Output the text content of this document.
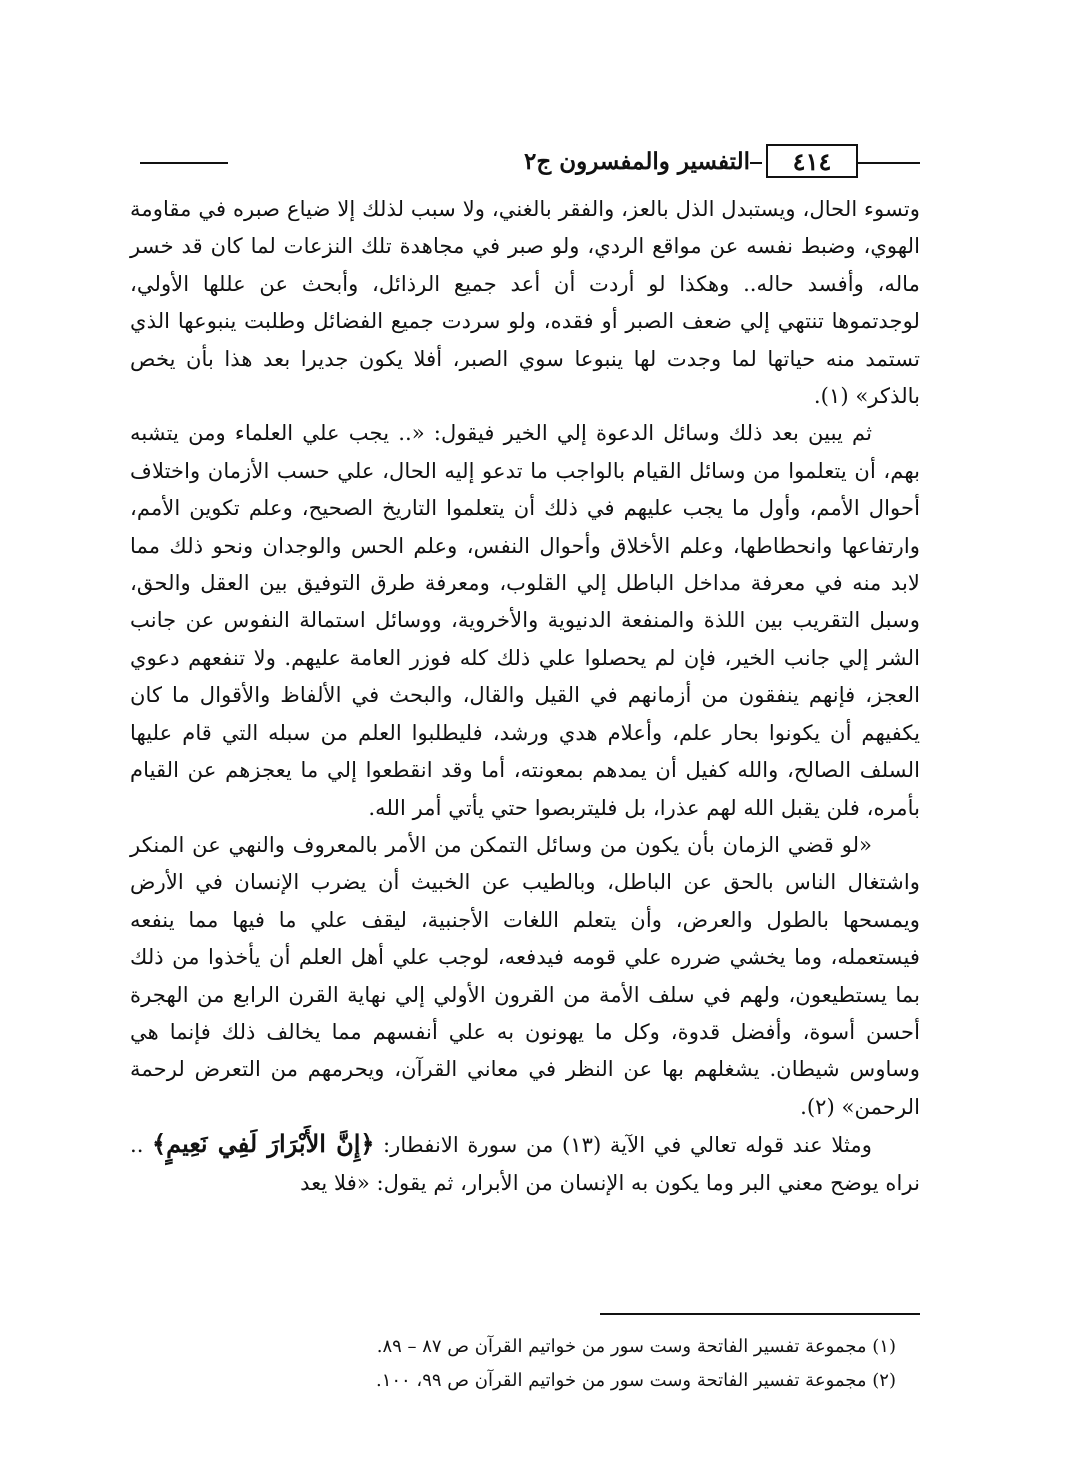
٤١٤
التفسير والمفسرون ج٢

وتسوء الحال، ويستبدل الذل بالعز، والفقر بالغني، ولا سبب لذلك إلا ضياع صبره في مقاومة الهوي، وضبط نفسه عن مواقع الردي، ولو صبر في مجاهدة تلك النزعات لما كان قد خسر ماله، وأفسد حاله.. وهكذا لو أردت أن أعد جميع الرذائل، وأبحث عن عللها الأولي، لوجدتموها تنتهي إلي ضعف الصبر أو فقده، ولو سردت جميع الفضائل وطلبت ينبوعها الذي تستمد منه حياتها لما وجدت لها ينبوعا سوي الصبر، أفلا يكون جديرا بعد هذا بأن يخص بالذكر» (١).

ثم يبين بعد ذلك وسائل الدعوة إلي الخير فيقول: «.. يجب علي العلماء ومن يتشبه بهم، أن يتعلموا من وسائل القيام بالواجب ما تدعو إليه الحال، علي حسب الأزمان واختلاف أحوال الأمم، وأول ما يجب عليهم في ذلك أن يتعلموا التاريخ الصحيح، وعلم تكوين الأمم، وارتفاعها وانحطاطها، وعلم الأخلاق وأحوال النفس، وعلم الحس والوجدان ونحو ذلك مما لابد منه في معرفة مداخل الباطل إلي القلوب، ومعرفة طرق التوفيق بين العقل والحق، وسبل التقريب بين اللذة والمنفعة الدنيوية والأخروية، ووسائل استمالة النفوس عن جانب الشر إلي جانب الخير، فإن لم يحصلوا علي ذلك كله فوزر العامة عليهم. ولا تنفعهم دعوي العجز، فإنهم ينفقون من أزمانهم في القيل والقال، والبحث في الألفاظ والأقوال ما كان يكفيهم أن يكونوا بحار علم، وأعلام هدي ورشد، فليطلبوا العلم من سبله التي قام عليها السلف الصالح، والله كفيل أن يمدهم بمعونته، أما وقد انقطعوا إلي ما يعجزهم عن القيام بأمره، فلن يقبل الله لهم عذرا، بل فليتربصوا حتي يأتي أمر الله.

«لو قضي الزمان بأن يكون من وسائل التمكن من الأمر بالمعروف والنهي عن المنكر واشتغال الناس بالحق عن الباطل، وبالطيب عن الخبيث أن يضرب الإنسان في الأرض ويمسحها بالطول والعرض، وأن يتعلم اللغات الأجنبية، ليقف علي ما فيها مما ينفعه فيستعمله، وما يخشي ضرره علي قومه فيدفعه، لوجب علي أهل العلم أن يأخذوا من ذلك بما يستطيعون، ولهم في سلف الأمة من القرون الأولي إلي نهاية القرن الرابع من الهجرة أحسن أسوة، وأفضل قدوة، وكل ما يهونون به علي أنفسهم مما يخالف ذلك فإنما هي وساوس شيطان. يشغلهم بها عن النظر في معاني القرآن، ويحرمهم من التعرض لرحمة الرحمن» (٢).

ومثلا عند قوله تعالي في الآية (١٣) من سورة الانفطار: ﴿إِنَّ الأَبْرَارَ لَفِي نَعِيمٍ﴾ .. نراه يوضح معني البر وما يكون به الإنسان من الأبرار، ثم يقول: «فلا يعد

(١) مجموعة تفسير الفاتحة وست سور من خواتيم القرآن ص ٨٧ – ٨٩.
(٢) مجموعة تفسير الفاتحة وست سور من خواتيم القرآن ص ٩٩، ١٠٠.
